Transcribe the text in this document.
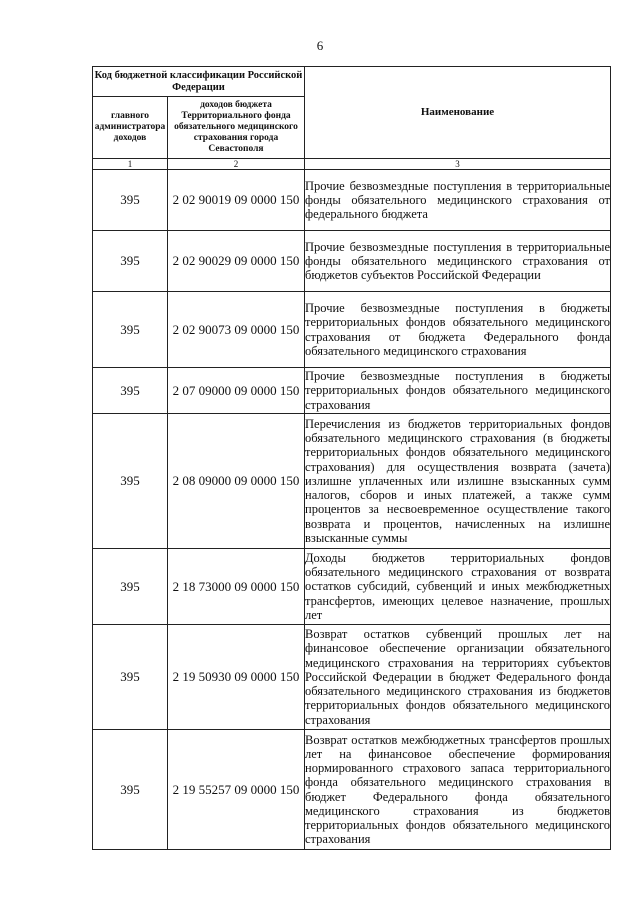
6
Код бюджетной классификации Российской Федерации		Наименование
главного администратора доходов	доходов бюджета Территориального фонда обязательного медицинского страхования города Севастополя	
1	2	3
395	2 02 90019 09 0000 150	Прочие безвозмездные поступления в территориальные фонды обязательного медицинского страхования от федерального бюджета
395	2 02 90029 09 0000 150	Прочие безвозмездные поступления в территориальные фонды обязательного медицинского страхования от бюджетов субъектов Российской Федерации
395	2 02 90073 09 0000 150	Прочие безвозмездные поступления в бюджеты территориальных фондов обязательного медицинского страхования от бюджета Федерального фонда обязательного медицинского страхования
395	2 07 09000 09 0000 150	Прочие безвозмездные поступления в бюджеты территориальных фондов обязательного медицинского страхования
395	2 08 09000 09 0000 150	Перечисления из бюджетов территориальных фондов обязательного медицинского страхования (в бюджеты территориальных фондов обязательного медицинского страхования) для осуществления возврата (зачета) излишне уплаченных или излишне взысканных сумм налогов, сборов и иных платежей, а также сумм процентов за несвоевременное осуществление такого возврата и процентов, начисленных на излишне взысканные суммы
395	2 18 73000 09 0000 150	Доходы бюджетов территориальных фондов обязательного медицинского страхования от возврата остатков субсидий, субвенций и иных межбюджетных трансфертов, имеющих целевое назначение, прошлых лет
395	2 19 50930 09 0000 150	Возврат остатков субвенций прошлых лет на финансовое обеспечение организации обязательного медицинского страхования на территориях субъектов Российской Федерации в бюджет Федерального фонда обязательного медицинского страхования из бюджетов территориальных фондов обязательного медицинского страхования
395	2 19 55257 09 0000 150	Возврат остатков межбюджетных трансфертов прошлых лет на финансовое обеспечение формирования нормированного страхового запаса территориального фонда обязательного медицинского страхования в бюджет Федерального фонда обязательного медицинского страхования из бюджетов территориальных фондов обязательного медицинского страхования
